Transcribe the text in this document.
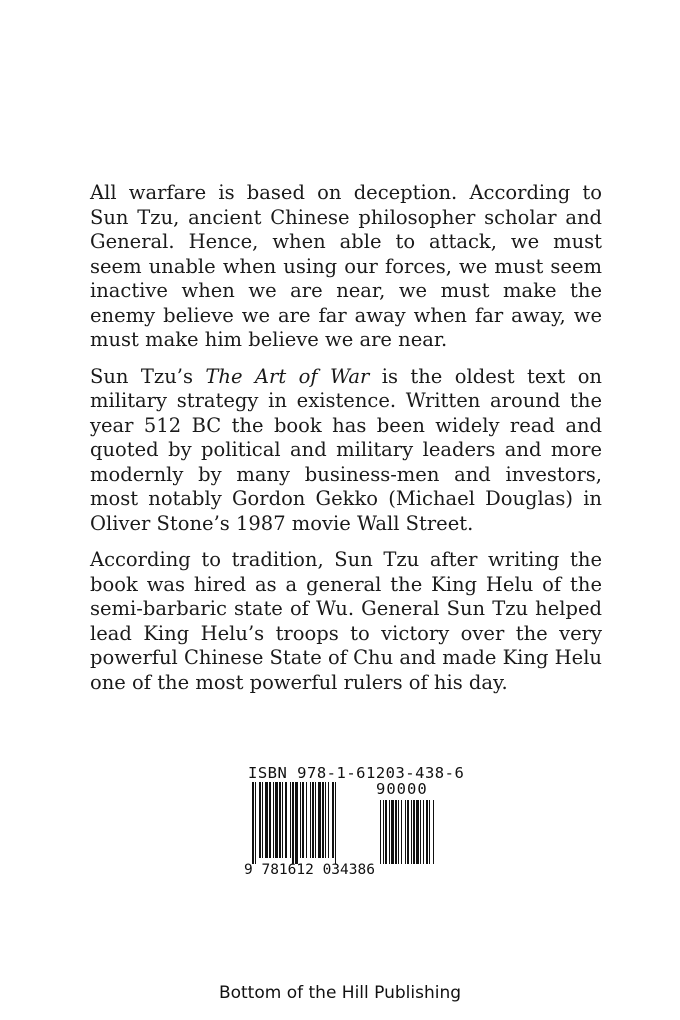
All warfare is based on deception. According to Sun Tzu, ancient Chinese philosopher scholar and General. Hence, when able to attack, we must seem unable when using our forces, we must seem inactive when we are near, we must make the enemy believe we are far away when far away, we must make him believe we are near.

Sun Tzu’s The Art of War is the oldest text on military strategy in existence. Written around the year 512 BC the book has been widely read and quoted by political and military leaders and more modernly by many business-men and investors, most notably Gordon Gekko (Michael Douglas) in Oliver Stone’s 1987 movie Wall Street.

According to tradition, Sun Tzu after writing the book was hired as a general the King Helu of the semi-barbaric state of Wu. General Sun Tzu helped lead King Helu’s troops to victory over the very powerful Chinese State of Chu and made King Helu one of the most powerful rulers of his day.

ISBN 978-1-61203-438-6
90000
9 781612 034386
Bottom of the Hill Publishing
